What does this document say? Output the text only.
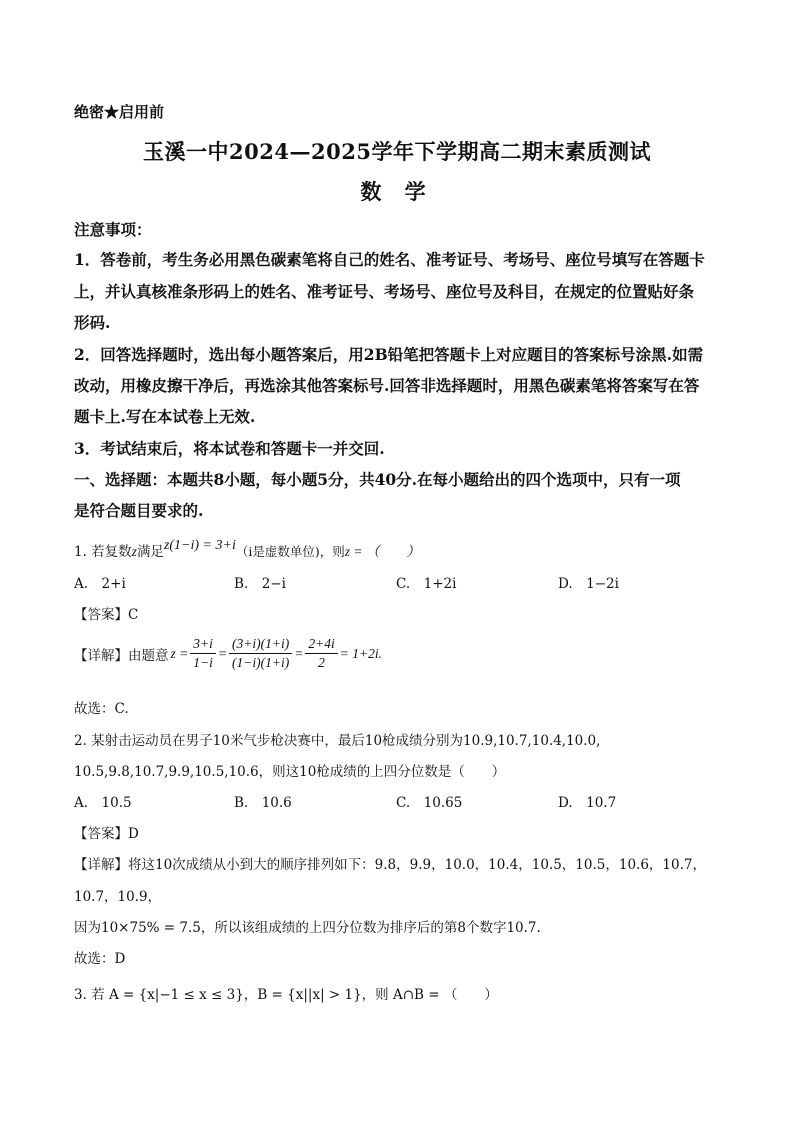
绝密★启用前
玉溪一中2024—2025学年下学期高二期末素质测试
数 学
注意事项：
1．答卷前，考生务必用黑色碳素笔将自己的姓名、准考证号、考场号、座位号填写在答题卡
上，并认真核准条形码上的姓名、准考证号、考场号、座位号及科目，在规定的位置贴好条
形码.
2．回答选择题时，选出每小题答案后，用2B铅笔把答题卡上对应题目的答案标号涂黑.如需
改动，用橡皮擦干净后，再选涂其他答案标号.回答非选择题时，用黑色碳素笔将答案写在答
题卡上.写在本试卷上无效.
3．考试结束后，将本试卷和答题卡一并交回.
一、选择题：本题共8小题，每小题5分，共40分.在每小题给出的四个选项中，只有一项
是符合题目要求的.
1. 若复数z满足z(1−i) = 3+i（i是虚数单位)，则z = （　　）
A.　2+i	B.　2−i	C.　1+2i	D.　1−2i
【答案】C
【详解】由题意 $z = \frac{3+i}{1-i} = \frac{(3+i)(1+i)}{(1-i)(1+i)} = \frac{2+4i}{2} = 1+2i$.
故选：C.
2. 某射击运动员在男子10米气步枪决赛中，最后10枪成绩分别为10.9,10.7,10.4,10.0,
10.5,9.8,10.7,9.9,10.5,10.6，则这10枪成绩的上四分位数是（　　）
A.　10.5	B.　10.6	C.　10.65	D.　10.7
【答案】D
【详解】将这10次成绩从小到大的顺序排列如下：9.8，9.9，10.0，10.4，10.5，10.5，10.6，10.7，
10.7，10.9，
因为10×75% = 7.5，所以该组成绩的上四分位数为排序后的第8个数字10.7.
故选：D
3. 若 A = {x|−1 ≤ x ≤ 3}，B = {x||x| > 1}，则 A∩B = （　　）
